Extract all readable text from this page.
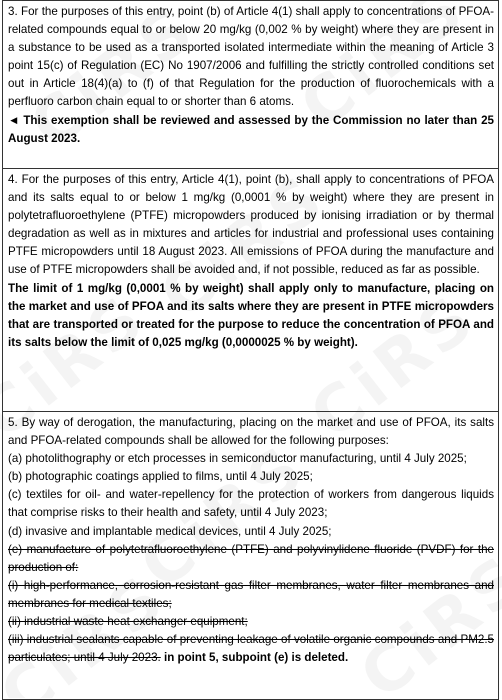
3. For the purposes of this entry, point (b) of Article 4(1) shall apply to concentrations of PFOA-related compounds equal to or below 20 mg/kg (0,002 % by weight) where they are present in a substance to be used as a transported isolated intermediate within the meaning of Article 3 point 15(c) of Regulation (EC) No 1907/2006 and fulfilling the strictly controlled conditions set out in Article 18(4)(a) to (f) of that Regulation for the production of fluorochemicals with a perfluoro carbon chain equal to or shorter than 6 atoms.

◄ This exemption shall be reviewed and assessed by the Commission no later than 25 August 2023.

4. For the purposes of this entry, Article 4(1), point (b), shall apply to concentrations of PFOA and its salts equal to or below 1 mg/kg (0,0001 % by weight) where they are present in polytetrafluoroethylene (PTFE) micropowders produced by ionising irradiation or by thermal degradation as well as in mixtures and articles for industrial and professional uses containing PTFE micropowders until 18 August 2023. All emissions of PFOA during the manufacture and use of PTFE micropowders shall be avoided and, if not possible, reduced as far as possible.

The limit of 1 mg/kg (0,0001 % by weight) shall apply only to manufacture, placing on the market and use of PFOA and its salts where they are present in PTFE micropowders that are transported or treated for the purpose to reduce the concentration of PFOA and its salts below the limit of 0,025 mg/kg (0,0000025 % by weight).

5. By way of derogation, the manufacturing, placing on the market and use of PFOA, its salts and PFOA-related compounds shall be allowed for the following purposes:

(a) photolithography or etch processes in semiconductor manufacturing, until 4 July 2025;

(b) photographic coatings applied to films, until 4 July 2025;

(c) textiles for oil- and water-repellency for the protection of workers from dangerous liquids that comprise risks to their health and safety, until 4 July 2023;

(d) invasive and implantable medical devices, until 4 July 2025;

(e) manufacture of polytetrafluoroethylene (PTFE) and polyvinylidene fluoride (PVDF) for the production of:

(i) high-performance, corrosion-resistant gas filter membranes, water filter membranes and membranes for medical textiles;

(ii) industrial waste heat exchanger equipment;

(iii) industrial sealants capable of preventing leakage of volatile organic compounds and PM2.5 particulates; until 4 July 2023. in point 5, subpoint (e) is deleted.
